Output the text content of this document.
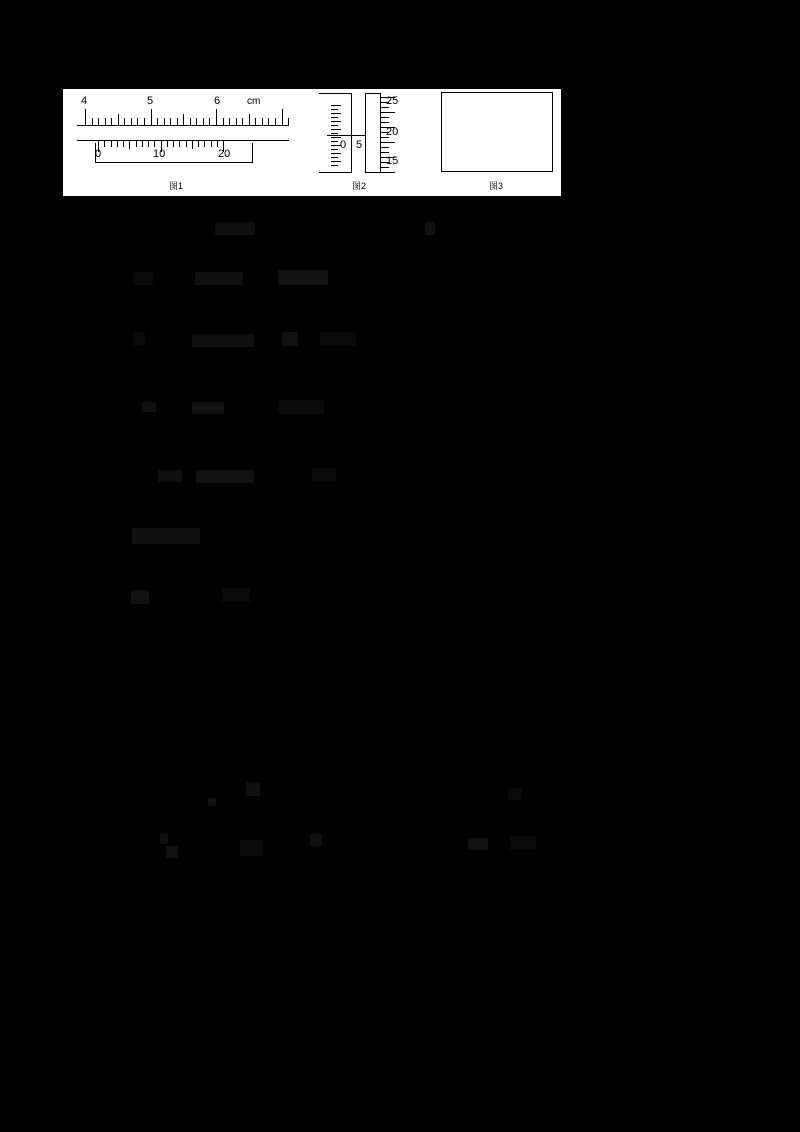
4	5	6	cm
0	10	20
图1
0 5
25
20
15
图2	图3
